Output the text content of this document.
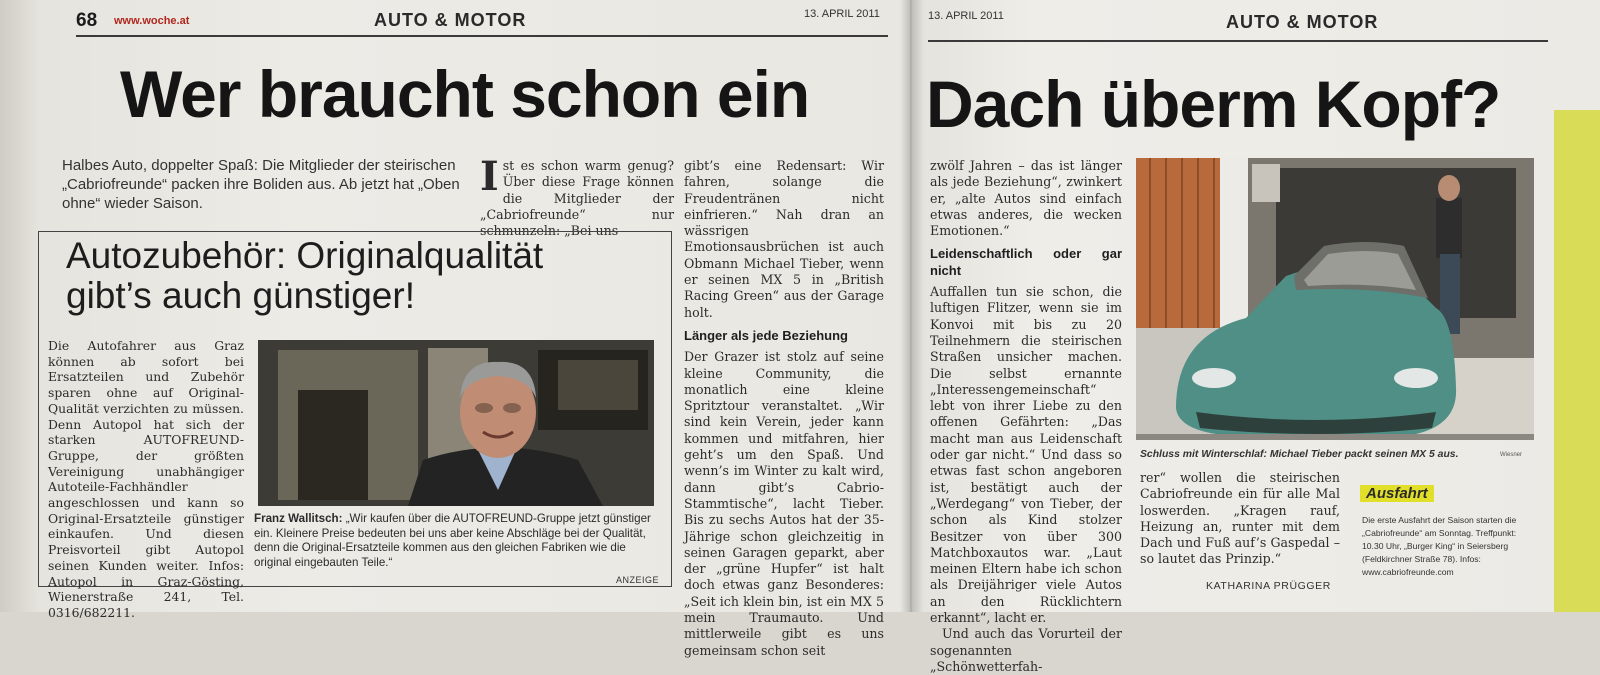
68 www.woche.at	AUTO & MOTOR	13. APRIL 2011	13. APRIL 2011	AUTO & MOTOR
Wer braucht schon ein Dach überm Kopf?
Halbes Auto, doppelter Spaß: Die Mitglieder der steirischen „Cabriofreunde“ packen ihre Boliden aus. Ab jetzt hat „Oben ohne“ wieder Saison.
I st es schon warm genug? Über diese Frage können die Mitglieder der „Cabriofreunde“ nur schmunzeln: „Bei uns

gibt’s eine Redensart: Wir fahren, solange die Freudentränen nicht einfrieren.“ Nah dran an wässrigen Emotionsausbrüchen ist auch Obmann Michael Tieber, wenn er seinen MX 5 in „British Racing Green“ aus der Garage holt.

Länger als jede Beziehung

Der Grazer ist stolz auf seine kleine Community, die monatlich eine kleine Spritztour veranstaltet. „Wir sind kein Verein, jeder kann kommen und mitfahren, hier geht’s um den Spaß. Und wenn’s im Winter zu kalt wird, dann gibt’s Cabrio-Stammtische“, lacht Tieber. Bis zu sechs Autos hat der 35-Jährige schon gleichzeitig in seinen Garagen geparkt, aber der „grüne Hupfer“ ist halt doch etwas ganz Besonderes: „Seit ich klein bin, ist ein MX 5 mein Traumauto. Und mittlerweile gibt es uns gemeinsam schon seit

zwölf Jahren – das ist länger als jede Beziehung“, zwinkert er, „alte Autos sind einfach etwas anderes, die wecken Emotionen.“

Leidenschaftlich oder gar nicht

Auffallen tun sie schon, die luftigen Flitzer, wenn sie im Konvoi mit bis zu 20 Teilnehmern die steirischen Straßen unsicher machen. Die selbst ernannte „Interessengemeinschaft“ lebt von ihrer Liebe zu den offenen Gefährten: „Das macht man aus Leidenschaft oder gar nicht.“ Und dass so etwas fast schon angeboren ist, bestätigt auch der „Werdegang“ von Tieber, der schon als Kind stolzer Besitzer von über 300 Matchboxautos war. „Laut meinen Eltern habe ich schon als Dreijähriger viele Autos an den Rücklichtern erkannt“, lacht er.

Und auch das Vorurteil der sogenannten „Schönwetterfah-

rer“ wollen die steirischen Cabriofreunde ein für alle Mal loswerden. „Kragen rauf, Heizung an, runter mit dem Dach und Fuß auf’s Gaspedal – so lautet das Prinzip.“

KATHARINA PRÜGGER
Autozubehör: Originalqualität
gibt’s auch günstiger!
Die Autofahrer aus Graz können ab sofort bei Ersatzteilen und Zubehör sparen ohne auf Original-Qualität verzichten zu müssen. Denn Autopol hat sich der starken AUTOFREUND-Gruppe, der größten Vereinigung unabhängiger Autoteile-Fachhändler angeschlossen und kann so Original-Ersatzteile günstiger einkaufen. Und diesen Preisvorteil gibt Autopol seinen Kunden weiter. Infos: Autopol in Graz-Gösting, Wienerstraße 241, Tel. 0316/682211.
Franz Wallitsch: „Wir kaufen über die AUTOFREUND-Gruppe jetzt günstiger ein. Kleinere Preise bedeuten bei uns aber keine Abschläge bei der Qualität, denn die Original-Ersatzteile kommen aus den gleichen Fabriken wie die original eingebauten Teile.“
ANZEIGE
Schluss mit Winterschlaf: Michael Tieber packt seinen MX 5 aus.	Wiesner
Ausfahrt
Die erste Ausfahrt der Saison starten die „Cabriofreunde“ am Sonntag. Treffpunkt: 10.30 Uhr, „Burger King“ in Seiersberg (Feldkirchner Straße 78). Infos: www.cabriofreunde.com
